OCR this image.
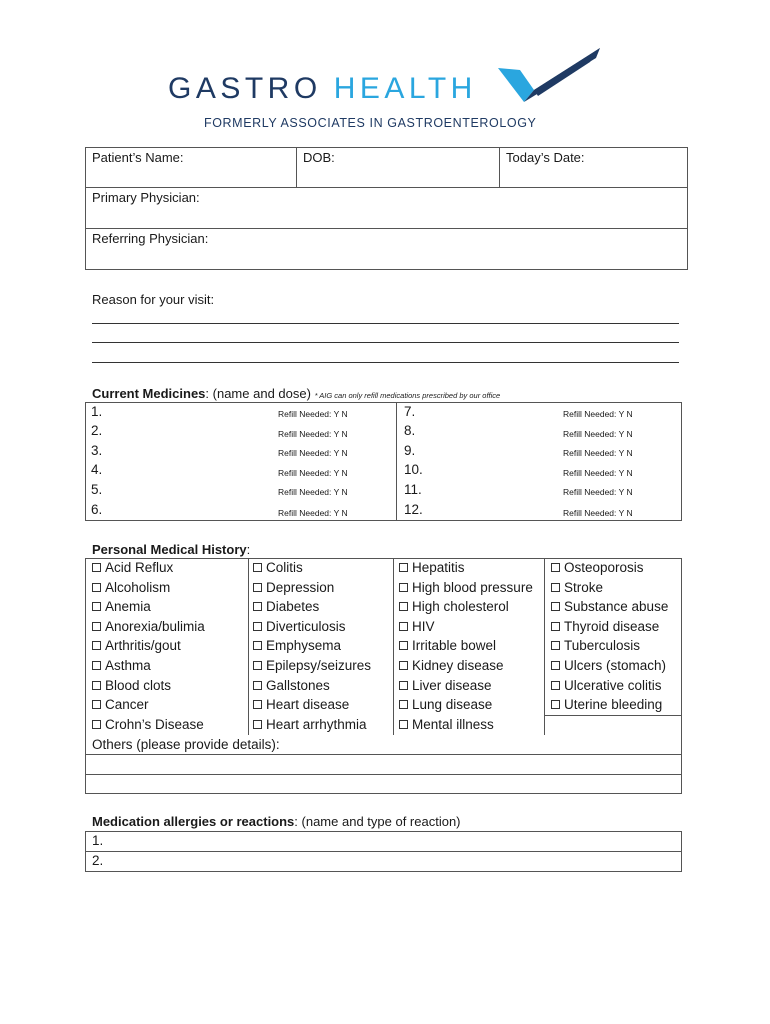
GASTRO HEALTH
FORMERLY ASSOCIATES IN GASTROENTEROLOGY
Patient’s Name:	DOB:	Today’s Date:
Primary Physician:
Referring Physician:
Reason for your visit:
Current Medicines: (name and dose) * AIG can only refill medications prescribed by our office
1.
2.
3.
4.
5.
6.
Refill Needed: Y N
Refill Needed: Y N
Refill Needed: Y N
Refill Needed: Y N
Refill Needed: Y N
Refill Needed: Y N
7.
8.
9.
10.
11.
12.
Refill Needed: Y N
Refill Needed: Y N
Refill Needed: Y N
Refill Needed: Y N
Refill Needed: Y N
Refill Needed: Y N
Personal Medical History:
Acid Reflux
Alcoholism
Anemia
Anorexia/bulimia
Arthritis/gout
Asthma
Blood clots
Cancer
Crohn’s Disease
Colitis
Depression
Diabetes
Diverticulosis
Emphysema
Epilepsy/seizures
Gallstones
Heart disease
Heart arrhythmia
Hepatitis
High blood pressure
High cholesterol
HIV
Irritable bowel
Kidney disease
Liver disease
Lung disease
Mental illness
Osteoporosis
Stroke
Substance abuse
Thyroid disease
Tuberculosis
Ulcers (stomach)
Ulcerative colitis
Uterine bleeding
Others (please provide details):
Medication allergies or reactions: (name and type of reaction)
1.
2.
